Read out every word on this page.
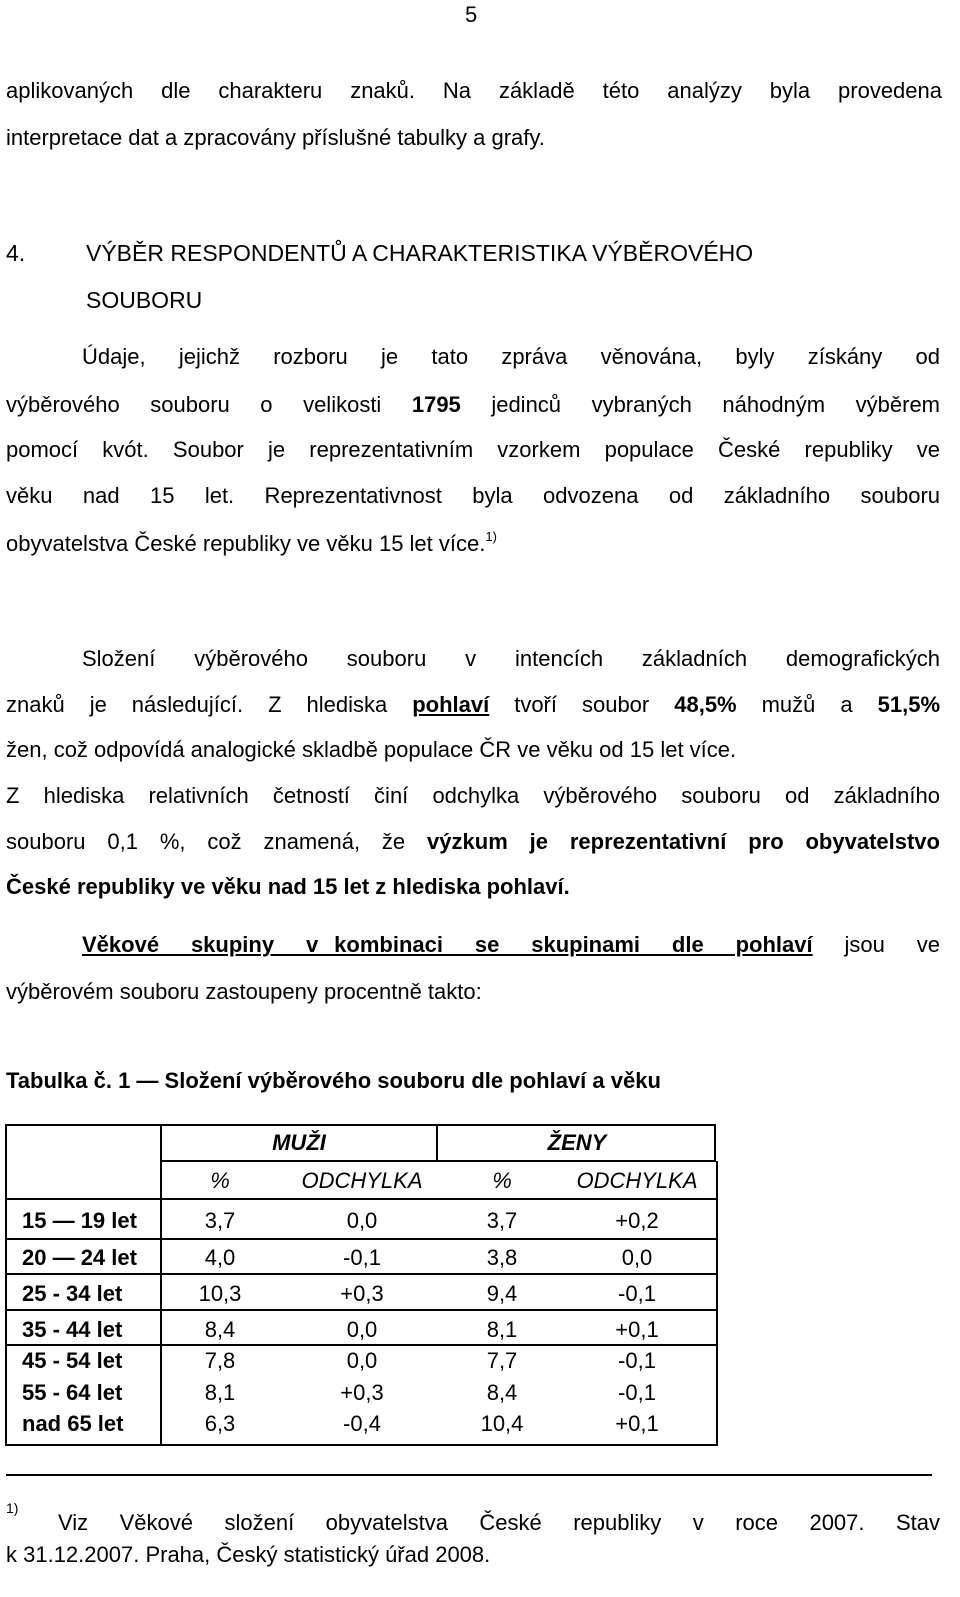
5
aplikovaných dle charakteru znaků. Na základě této analýzy byla provedena
interpretace dat a zpracovány příslušné tabulky a grafy.
4.	VÝBĚR RESPONDENTŮ A CHARAKTERISTIKA VÝBĚROVÉHO
SOUBORU
Údaje, jejichž rozboru je tato zpráva věnována, byly získány od
výběrového souboru o velikosti 1795 jedinců vybraných náhodným výběrem
pomocí kvót. Soubor je reprezentativním vzorkem populace České republiky ve
věku nad 15 let. Reprezentativnost byla odvozena od základního souboru
obyvatelstva České republiky ve věku 15 let více.$^{1)}$
Složení výběrového souboru v intencích základních demografických
znaků je následující. Z hlediska pohlaví tvoří soubor 48,5% mužů a 51,5%
žen, což odpovídá analogické skladbě populace ČR ve věku od 15 let více.
Z hlediska relativních četností činí odchylka výběrového souboru od základního
souboru 0,1 %, což znamená, že výzkum je reprezentativní pro obyvatelstvo
České republiky ve věku nad 15 let z hlediska pohlaví.
Věkové  skupiny  v kombinaci  se  skupinami  dle  pohlaví  jsou  ve
výběrovém souboru zastoupeny procentně takto:
Tabulka č. 1 — Složení výběrového souboru dle pohlaví a věku
MUŽI	ŽENY
%	ODCHYLKA	%	ODCHYLKA
15 — 19 let	3,7	0,0	3,7	+0,2
20 — 24 let	4,0	-0,1	3,8	0,0
25 - 34 let	10,3	+0,3	9,4	-0,1
35 - 44 let	8,4	0,0	8,1	+0,1
45 - 54 let	7,8	0,0	7,7	-0,1
55 - 64 let	8,1	+0,3	8,4	-0,1
nad 65 let	6,3	-0,4	10,4	+0,1
1)
Viz Věkové složení obyvatelstva České republiky v roce 2007. Stav
k 31.12.2007. Praha, Český statistický úřad 2008.
